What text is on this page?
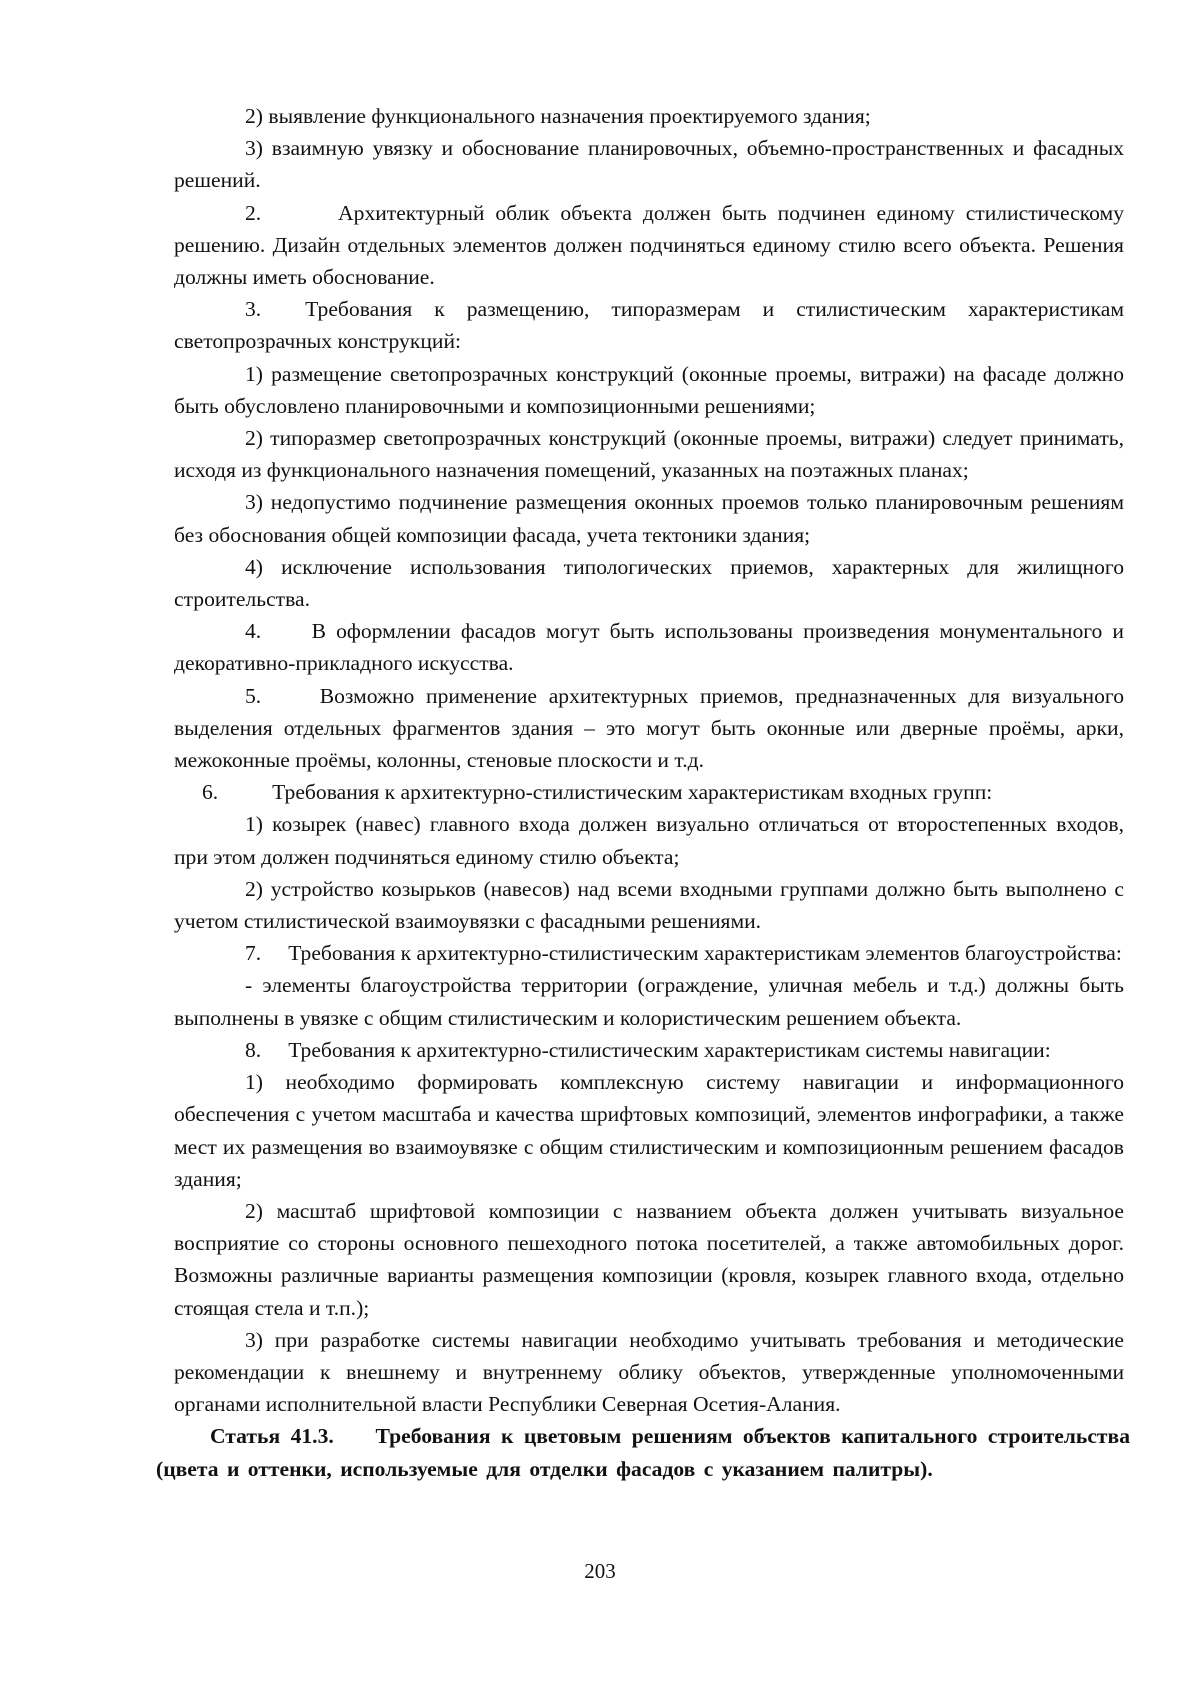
2) выявление функционального назначения проектируемого здания;

3) взаимную увязку и обоснование планировочных, объемно-пространственных и фасадных решений.

2.       Архитектурный облик объекта должен быть подчинен единому стилистическому решению. Дизайн отдельных элементов должен подчиняться единому стилю всего объекта. Решения должны иметь обоснование.

3.  Требования к размещению, типоразмерам и стилистическим характеристикам светопрозрачных конструкций:

1) размещение светопрозрачных конструкций (оконные проемы, витражи) на фасаде должно быть обусловлено планировочными и композиционными решениями;

2) типоразмер светопрозрачных конструкций (оконные проемы, витражи) следует принимать, исходя из функционального назначения помещений, указанных на поэтажных планах;

3) недопустимо подчинение размещения оконных проемов только планировочным решениям без обоснования общей композиции фасада, учета тектоники здания;

4) исключение использования типологических приемов, характерных для жилищного строительства.

4.     В оформлении фасадов могут быть использованы произведения монументального и декоративно-прикладного искусства.

5.     Возможно применение архитектурных приемов, предназначенных для визуального выделения отдельных фрагментов здания – это могут быть оконные или дверные проёмы, арки, межоконные проёмы, колонны, стеновые плоскости и т.д.

6.          Требования к архитектурно-стилистическим характеристикам входных групп:

1) козырек (навес) главного входа должен визуально отличаться от второстепенных входов, при этом должен подчиняться единому стилю объекта;

2) устройство козырьков (навесов) над всеми входными группами должно быть выполнено с учетом стилистической взаимоувязки с фасадными решениями.

7.     Требования к архитектурно-стилистическим характеристикам элементов благоустройства:

- элементы благоустройства территории (ограждение, уличная мебель и т.д.) должны быть выполнены в увязке с общим стилистическим и колористическим решением объекта.

8.     Требования к архитектурно-стилистическим характеристикам системы навигации:

1) необходимо формировать комплексную систему навигации и информационного обеспечения с учетом масштаба и качества шрифтовых композиций, элементов инфографики, а также мест их размещения во взаимоувязке с общим стилистическим и композиционным решением фасадов здания;

2) масштаб шрифтовой композиции с названием объекта должен учитывать визуальное восприятие со стороны основного пешеходного потока посетителей, а также автомобильных дорог. Возможны различные варианты размещения композиции (кровля, козырек главного входа, отдельно стоящая стела и т.п.);

3) при разработке системы навигации необходимо учитывать требования и методические рекомендации к внешнему и внутреннему облику объектов, утвержденные уполномоченными органами исполнительной власти Республики Северная Осетия-Алания.

Статья 41.3.    Требования к цветовым решениям объектов капитального строительства (цвета и оттенки, используемые для отделки фасадов с указанием палитры).

203
